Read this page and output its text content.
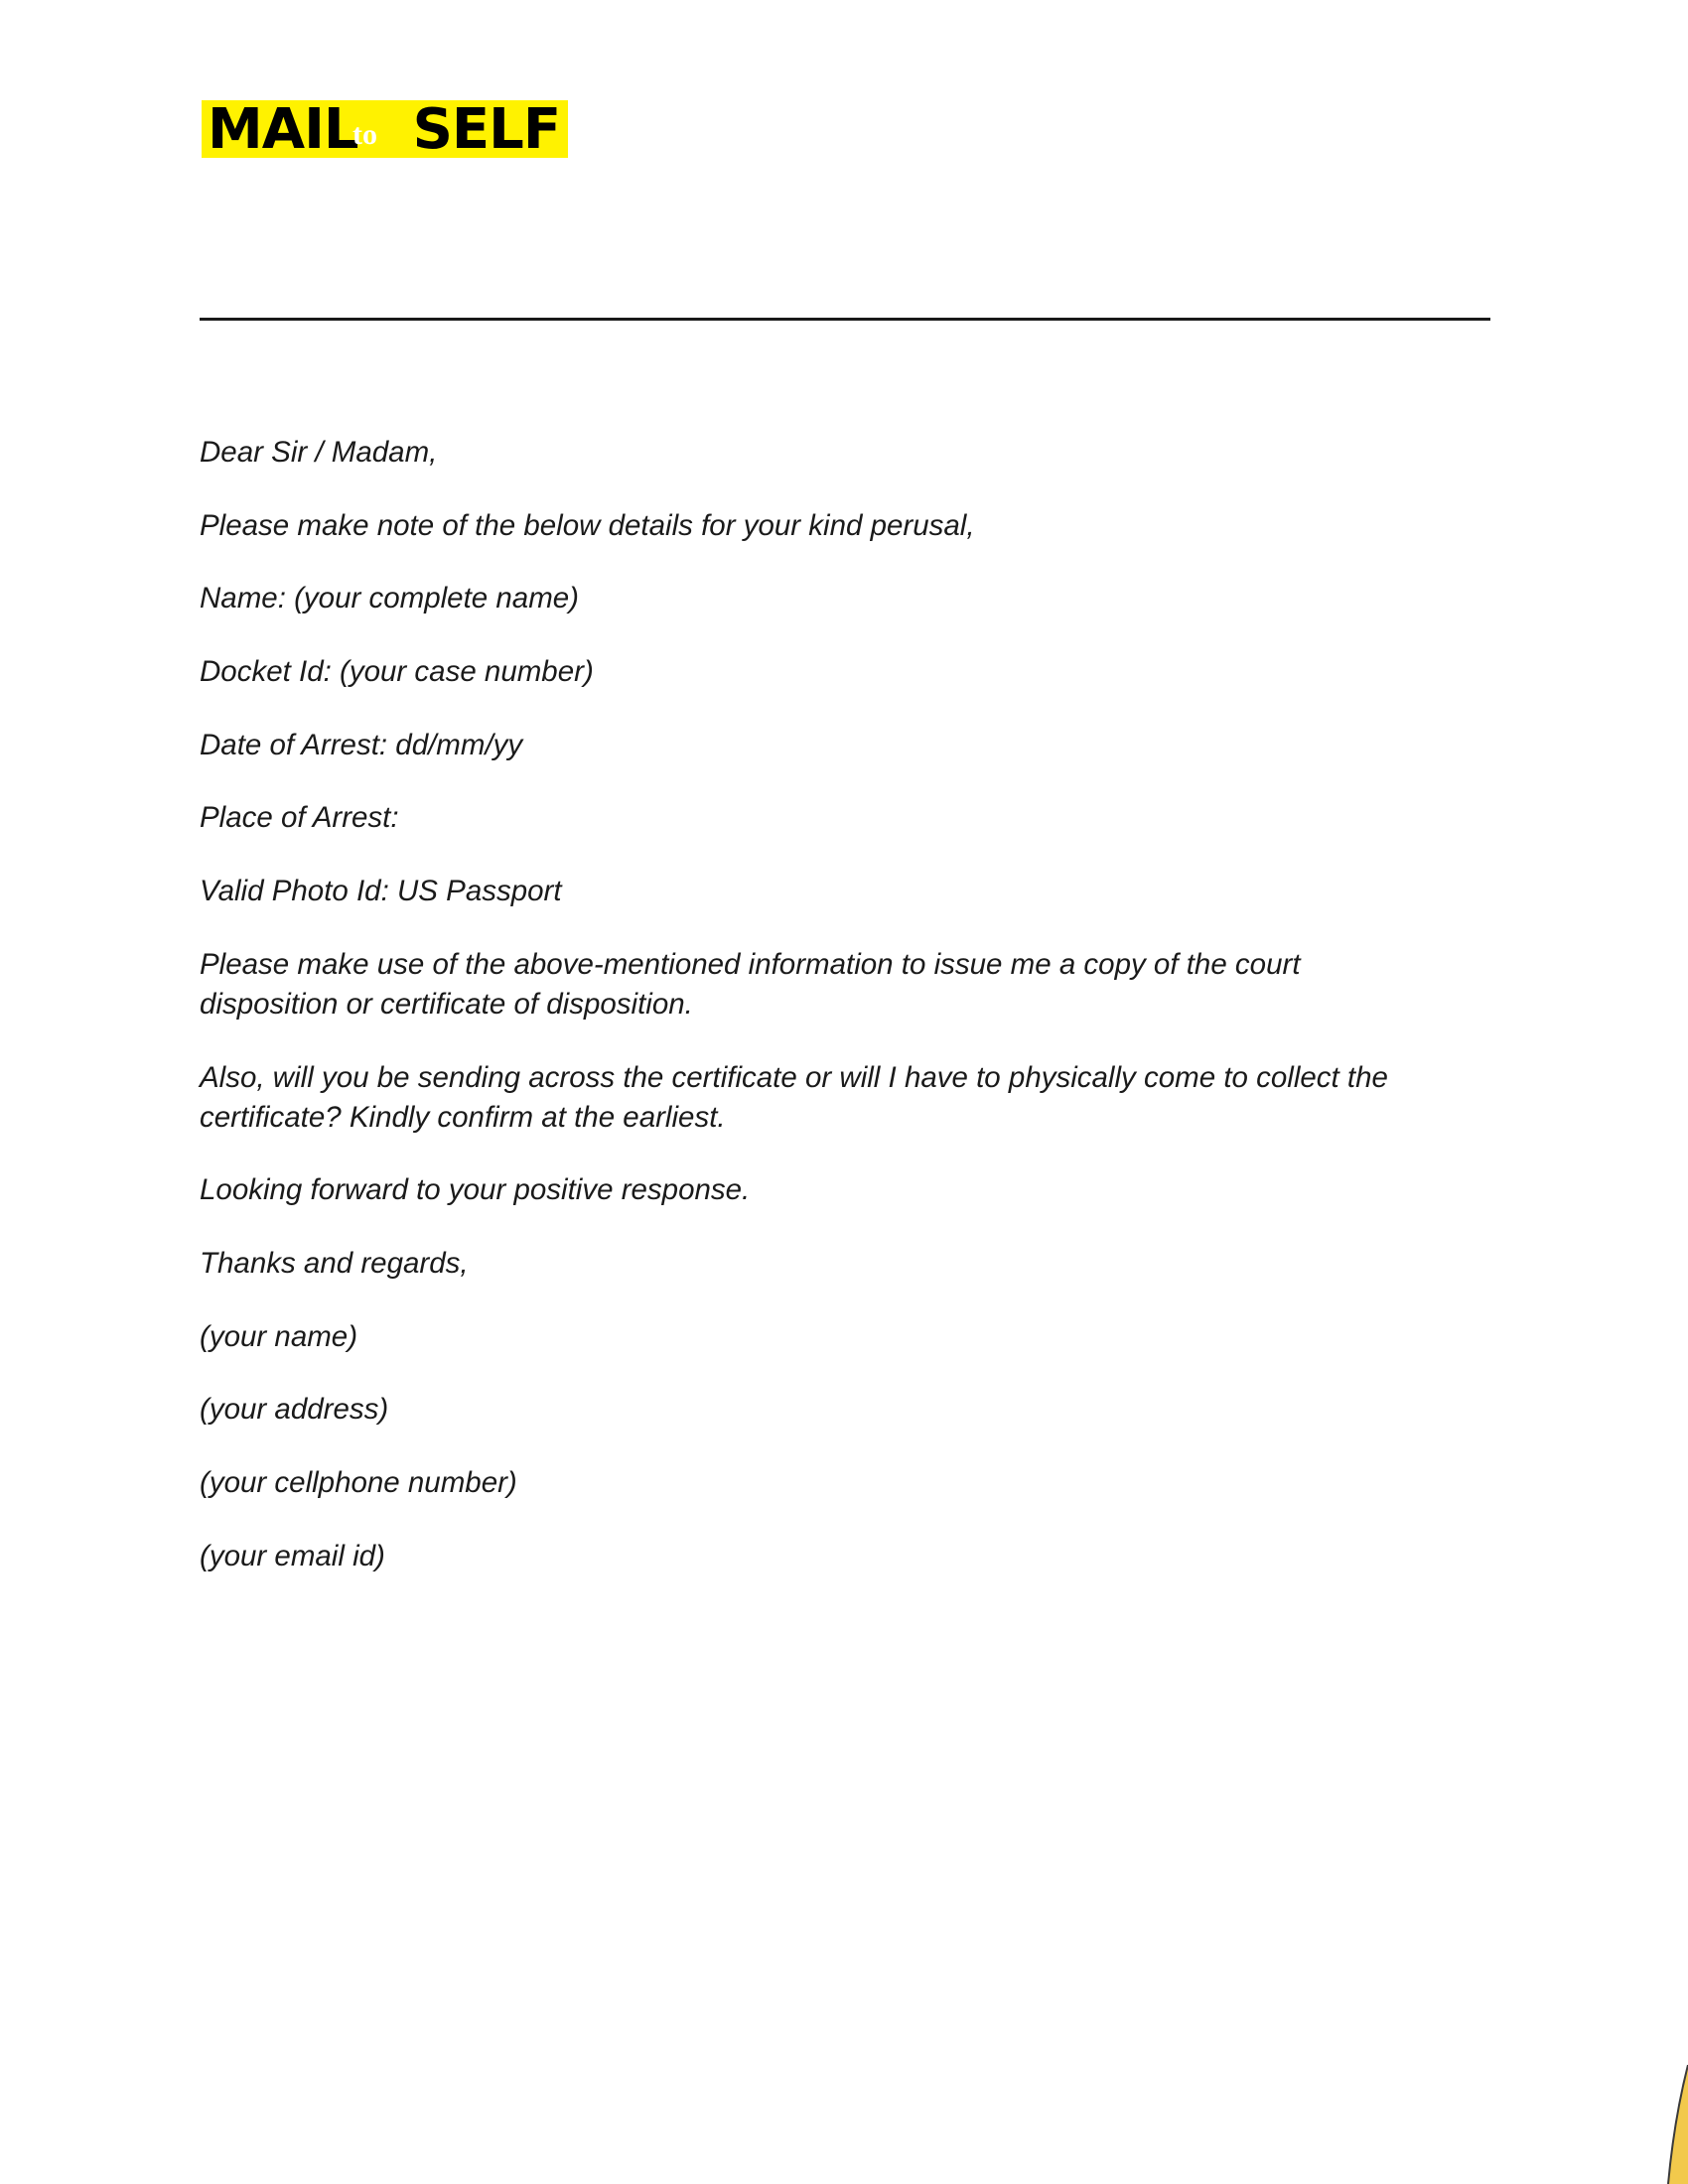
MAIL SELF
to

Dear Sir / Madam,

Please make note of the below details for your kind perusal,

Name: (your complete name)

Docket Id: (your case number)

Date of Arrest: dd/mm/yy

Place of Arrest:

Valid Photo Id: US Passport

Please make use of the above-mentioned information to issue me a copy of the court disposition or certificate of disposition.

Also, will you be sending across the certificate or will I have to physically come to collect the certificate? Kindly confirm at the earliest.

Looking forward to your positive response.

Thanks and regards,

(your name)

(your address)

(your cellphone number)

(your email id)
